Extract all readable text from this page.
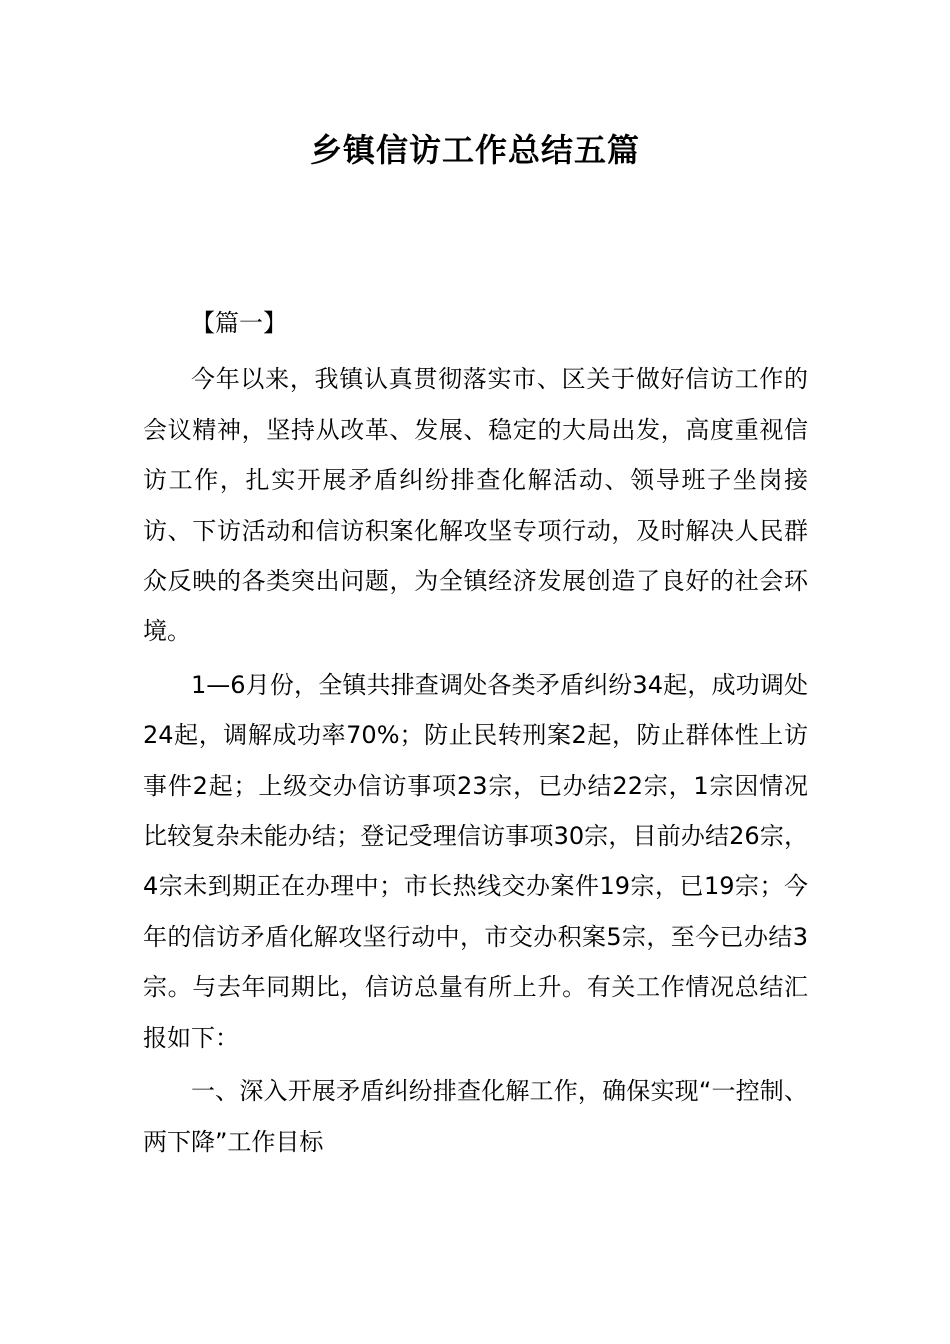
乡镇信访工作总结五篇

【篇一】

今年以来，我镇认真贯彻落实市、区关于做好信访工作的会议精神，坚持从改革、发展、稳定的大局出发，高度重视信访工作，扎实开展矛盾纠纷排查化解活动、领导班子坐岗接访、下访活动和信访积案化解攻坚专项行动，及时解决人民群众反映的各类突出问题，为全镇经济发展创造了良好的社会环境。

1—6月份，全镇共排查调处各类矛盾纠纷34起，成功调处24起，调解成功率70%；防止民转刑案2起，防止群体性上访事件2起；上级交办信访事项23宗，已办结22宗，1宗因情况比较复杂未能办结；登记受理信访事项30宗，目前办结26宗，4宗未到期正在办理中；市长热线交办案件19宗，已19宗；今年的信访矛盾化解攻坚行动中，市交办积案5宗，至今已办结3宗。与去年同期比，信访总量有所上升。有关工作情况总结汇报如下：

一、深入开展矛盾纠纷排查化解工作，确保实现“一控制、两下降”工作目标
